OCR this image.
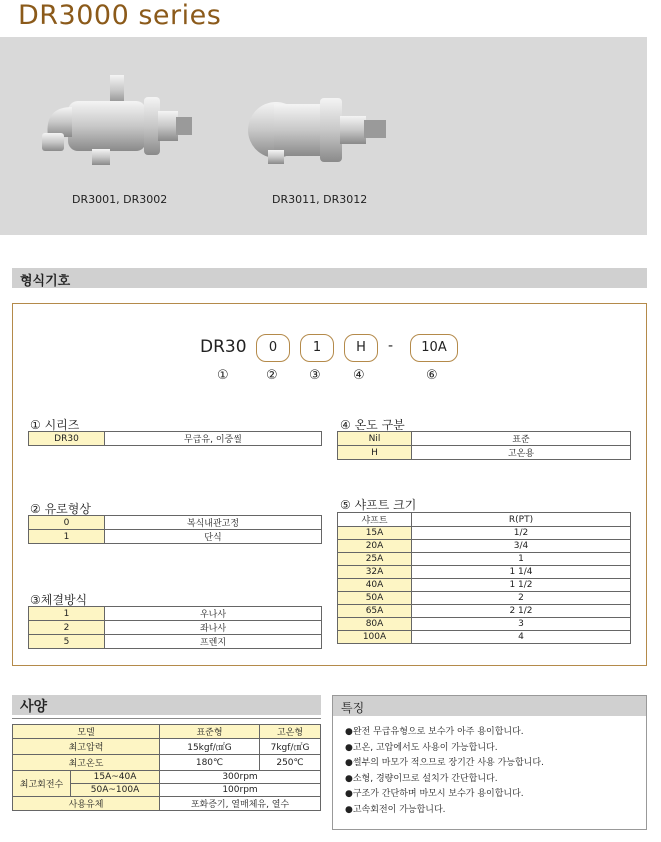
DR3000 series
DR3001, DR3002	DR3011, DR3012
형식기호
DR30	0	1	H	-	10A
①	② ③ ④	⑥
① 시리즈
DR30	무급유, 이중씰
② 유로형상
0	복식내관고정
1	단식
③체결방식
1	우나사
2	좌나사
5	프렌지
④ 온도 구분
Nil	표준
H	고온용
⑤ 샤프트 크기
샤프트	R(PT)
15A	1/2
20A	3/4
25A	1
32A	1 1/4
40A	1 1/2
50A	2
65A	2 1/2
80A	3
100A	4
사양
모델		표준형	고온형
최고압력		15kgf/㎠G	7kgf/㎠G
최고온도		180℃	250℃
최고회전수	15A~40A	300rpm	
	50A~100A	100rpm	
사용유체		포화증기, 열매체유, 열수	
특징
● 완전 무급유형으로 보수가 아주 용이합니다.
● 고온, 고압에서도 사용이 가능합니다.
● 썰부의 마모가 적으므로 장기간 사용 가능합니다.
● 소형, 경량이므로 설치가 간단합니다.
● 구조가 간단하며 마모시 보수가 용이합니다.
● 고속회전이 가능합니다.
